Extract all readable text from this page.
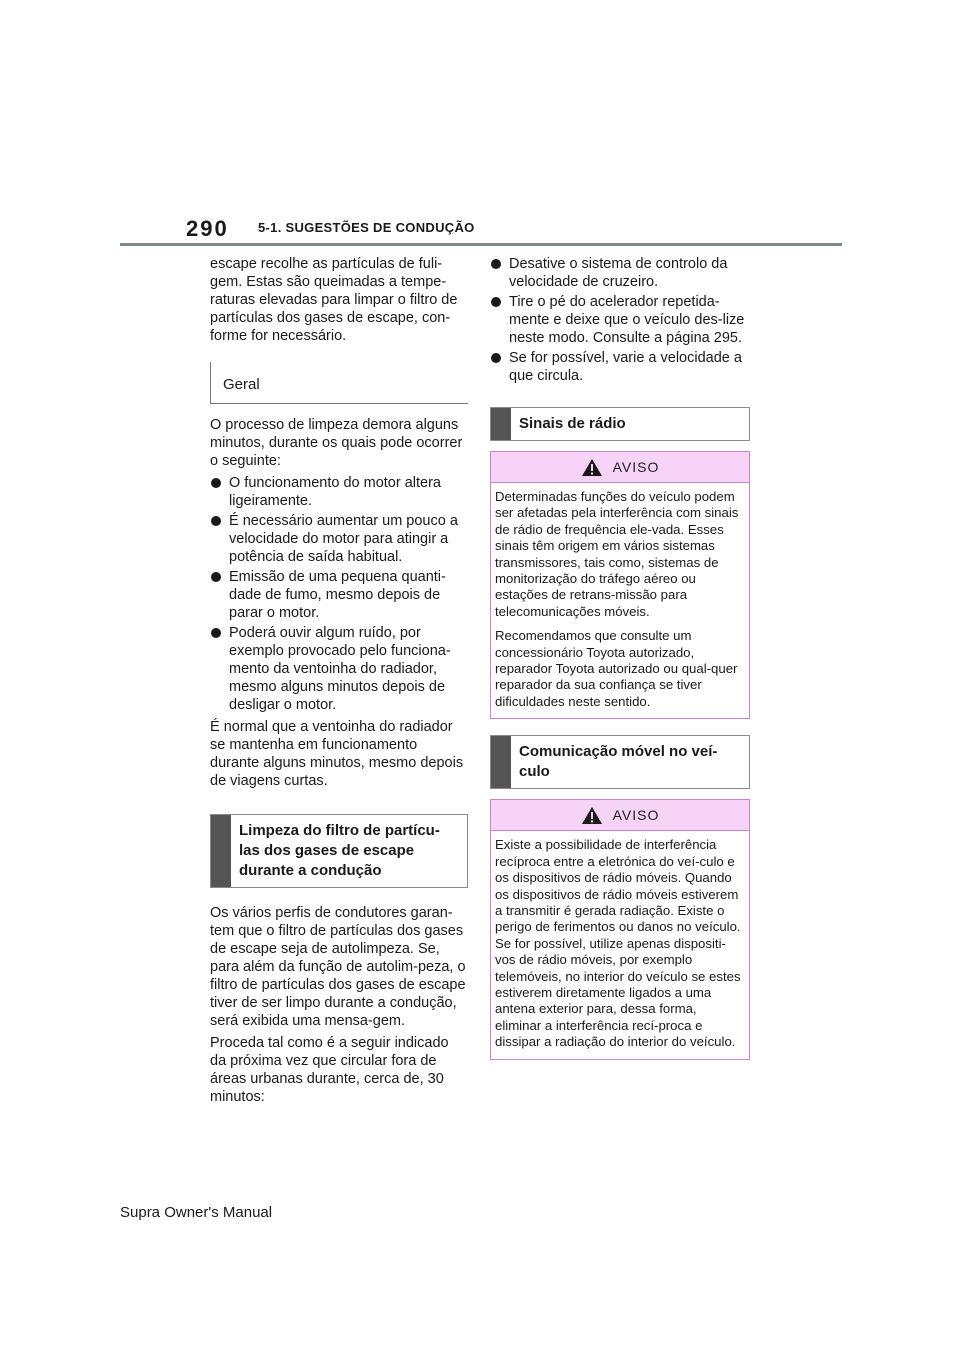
290 5-1. SUGESTÕES DE CONDUÇÃO

escape recolhe as partículas de fuli-gem. Estas são queimadas a tempe-raturas elevadas para limpar o filtro de partículas dos gases de escape, con-forme for necessário.

Geral

O processo de limpeza demora alguns minutos, durante os quais pode ocorrer o seguinte:

O funcionamento do motor altera ligeiramente.
É necessário aumentar um pouco a velocidade do motor para atingir a potência de saída habitual.
Emissão de uma pequena quanti-dade de fumo, mesmo depois de parar o motor.
Poderá ouvir algum ruído, por exemplo provocado pelo funciona-mento da ventoinha do radiador, mesmo alguns minutos depois de desligar o motor.

É normal que a ventoinha do radiador se mantenha em funcionamento durante alguns minutos, mesmo depois de viagens curtas.

Limpeza do filtro de partícu-las dos gases de escape durante a condução

Os vários perfis de condutores garan-tem que o filtro de partículas dos gases de escape seja de autolimpeza. Se, para além da função de autolim-peza, o filtro de partículas dos gases de escape tiver de ser limpo durante a condução, será exibida uma mensa-gem.

Proceda tal como é a seguir indicado da próxima vez que circular fora de áreas urbanas durante, cerca de, 30 minutos:

Desative o sistema de controlo da velocidade de cruzeiro.
Tire o pé do acelerador repetida-mente e deixe que o veículo des-lize neste modo. Consulte a página 295.
Se for possível, varie a velocidade a que circula.
Sinais de rádio
AVISO

Determinadas funções do veículo podem ser afetadas pela interferência com sinais de rádio de frequência ele-vada. Esses sinais têm origem em vários sistemas transmissores, tais como, sistemas de monitorização do tráfego aéreo ou estações de retrans-missão para telecomunicações móveis.

Recomendamos que consulte um concessionário Toyota autorizado, reparador Toyota autorizado ou qual-quer reparador da sua confiança se tiver dificuldades neste sentido.

Comunicação móvel no veí-culo
AVISO

Existe a possibilidade de interferência recíproca entre a eletrónica do veí-culo e os dispositivos de rádio móveis. Quando os dispositivos de rádio móveis estiverem a transmitir é gerada radiação. Existe o perigo de ferimentos ou danos no veículo. Se for possível, utilize apenas dispositi-vos de rádio móveis, por exemplo telemóveis, no interior do veículo se estes estiverem diretamente ligados a uma antena exterior para, dessa forma, eliminar a interferência recí-proca e dissipar a radiação do interior do veículo.

Supra Owner's Manual
